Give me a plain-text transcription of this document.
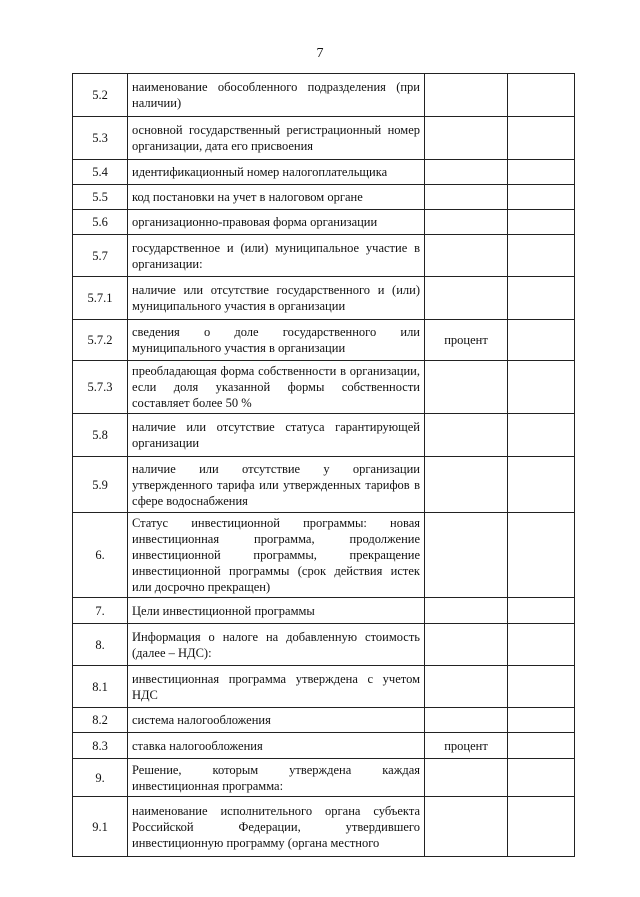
7
5.2	наименование обособленного подразделения (при наличии)		
5.3	основной государственный регистрационный номер организации, дата его присвоения		
5.4	идентификационный номер налогоплательщика		
5.5	код постановки на учет в налоговом органе		
5.6	организационно-правовая форма организации		
5.7	государственное и (или) муниципальное участие в организации:		
5.7.1	наличие или отсутствие государственного и (или) муниципального участия в организации		
5.7.2	сведения о доле государственного или муниципального участия в организации	процент	
5.7.3	преобладающая форма собственности в организации, если доля указанной формы собственности составляет более 50 %		
5.8	наличие или отсутствие статуса гарантирующей организации		
5.9	наличие или отсутствие у организации утвержденного тарифа или утвержденных тарифов в сфере водоснабжения		
6.	Статус инвестиционной программы: новая инвестиционная программа, продолжение инвестиционной программы, прекращение инвестиционной программы (срок действия истек или досрочно прекращен)		
7.	Цели инвестиционной программы		
8.	Информация о налоге на добавленную стоимость (далее – НДС):		
8.1	инвестиционная программа утверждена с учетом НДС		
8.2	система налогообложения		
8.3	ставка налогообложения	процент	
9.	Решение, которым утверждена каждая инвестиционная программа:		
9.1	наименование исполнительного органа субъекта Российской Федерации, утвердившего инвестиционную программу (органа местного		
